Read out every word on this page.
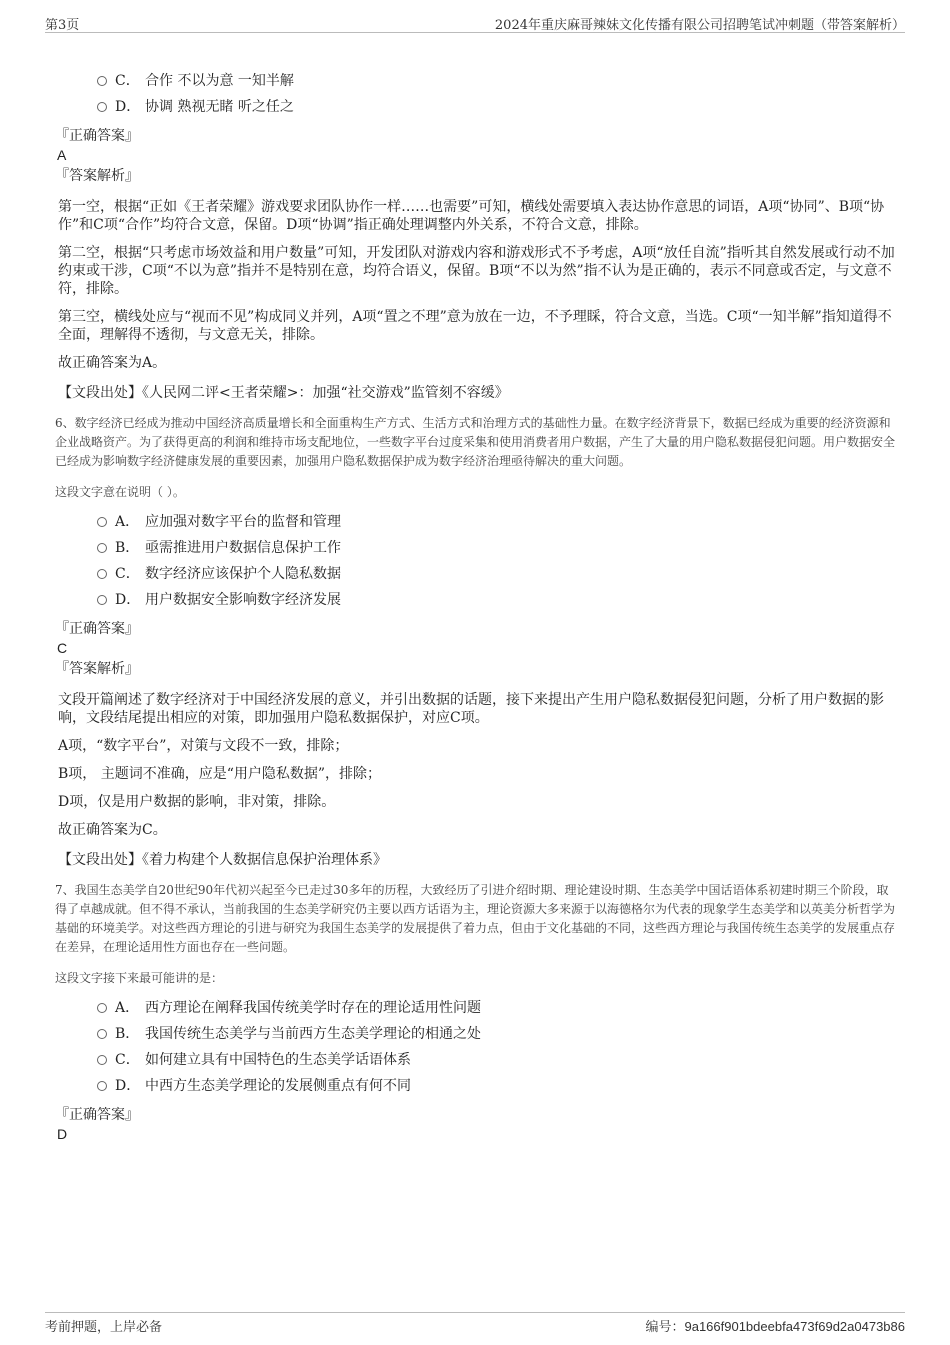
第3页	2024年重庆麻哥辣妹文化传播有限公司招聘笔试冲刺题（带答案解析）
C． 合作 不以为意 一知半解
D． 协调 熟视无睹 听之任之
『正确答案』
A
『答案解析』
第一空，根据“正如《王者荣耀》游戏要求团队协作一样……也需要”可知，横线处需要填入表达协作意思的词语，A项“协同”、B项“协作”和C项“合作”均符合文意，保留。D项“协调”指正确处理调整内外关系，不符合文意，排除。
第二空，根据“只考虑市场效益和用户数量”可知，开发团队对游戏内容和游戏形式不予考虑，A项“放任自流”指听其自然发展或行动不加约束或干涉，C项“不以为意”指并不是特别在意，均符合语义，保留。B项“不以为然”指不认为是正确的，表示不同意或否定，与文意不符，排除。
第三空，横线处应与“视而不见”构成同义并列，A项“置之不理”意为放在一边，不予理睬，符合文意，当选。C项“一知半解”指知道得不全面，理解得不透彻，与文意无关，排除。
故正确答案为A。
【文段出处】《人民网二评<王者荣耀>：加强“社交游戏”监管刻不容缓》
6、数字经济已经成为推动中国经济高质量增长和全面重构生产方式、生活方式和治理方式的基础性力量。在数字经济背景下，数据已经成为重要的经济资源和企业战略资产。为了获得更高的利润和维持市场支配地位，一些数字平台过度采集和使用消费者用户数据，产生了大量的用户隐私数据侵犯问题。用户数据安全已经成为影响数字经济健康发展的重要因素，加强用户隐私数据保护成为数字经济治理亟待解决的重大问题。
这段文字意在说明（ ）。
A． 应加强对数字平台的监督和管理
B． 亟需推进用户数据信息保护工作
C． 数字经济应该保护个人隐私数据
D． 用户数据安全影响数字经济发展
『正确答案』
C
『答案解析』
文段开篇阐述了数字经济对于中国经济发展的意义，并引出数据的话题，接下来提出产生用户隐私数据侵犯问题，分析了用户数据的影响，文段结尾提出相应的对策，即加强用户隐私数据保护，对应C项。
A项，“数字平台”，对策与文段不一致，排除；
B项， 主题词不准确，应是“用户隐私数据”，排除；
D项，仅是用户数据的影响，非对策，排除。
故正确答案为C。
【文段出处】《着力构建个人数据信息保护治理体系》
7、我国生态美学自20世纪90年代初兴起至今已走过30多年的历程，大致经历了引进介绍时期、理论建设时期、生态美学中国话语体系初建时期三个阶段，取得了卓越成就。但不得不承认，当前我国的生态美学研究仍主要以西方话语为主，理论资源大多来源于以海德格尔为代表的现象学生态美学和以英美分析哲学为基础的环境美学。对这些西方理论的引进与研究为我国生态美学的发展提供了着力点，但由于文化基础的不同，这些西方理论与我国传统生态美学的发展重点存在差异，在理论适用性方面也存在一些问题。
这段文字接下来最可能讲的是：
A． 西方理论在阐释我国传统美学时存在的理论适用性问题
B． 我国传统生态美学与当前西方生态美学理论的相通之处
C． 如何建立具有中国特色的生态美学话语体系
D． 中西方生态美学理论的发展侧重点有何不同
『正确答案』
D
考前押题，上岸必备	编号：9a166f901bdeebfa473f69d2a0473b86
